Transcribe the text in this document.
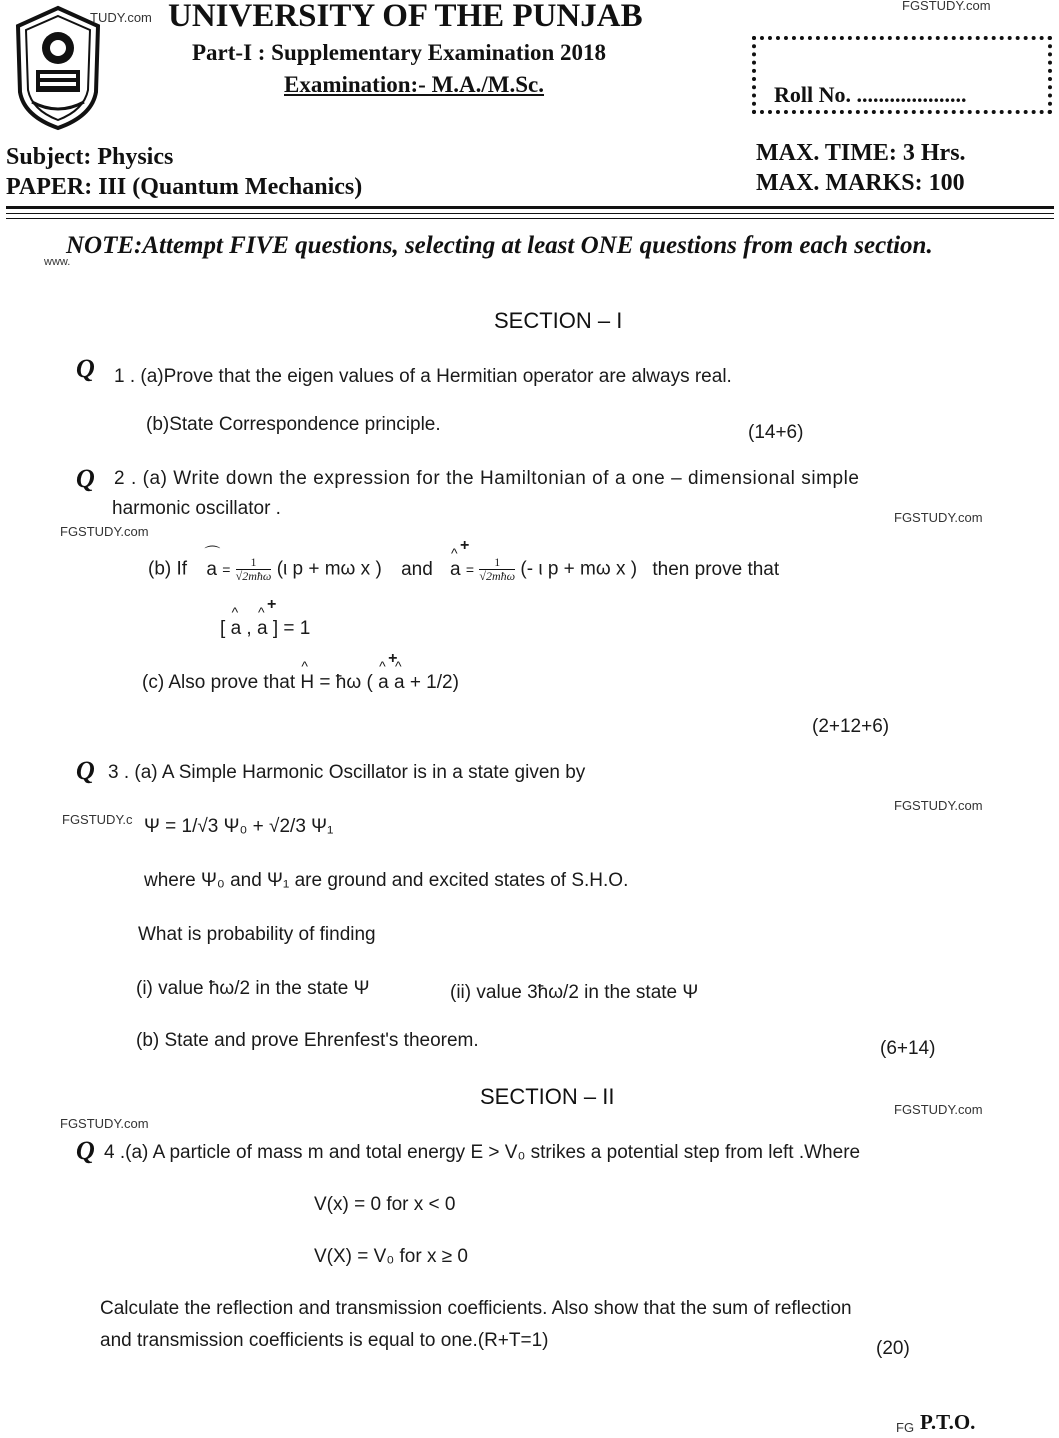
TUDY.com
FGSTUDY.com
UNIVERSITY OF THE PUNJAB
Part-I : Supplementary Examination 2018
Examination:- M.A./M.Sc.	Roll No. ....................
Subject: Physics
PAPER: III (Quantum Mechanics)
MAX. TIME: 3 Hrs.
MAX. MARKS: 100
www.
NOTE:Attempt FIVE questions, selecting at least ONE questions from each section.
SECTION – I
Q 1 . (a)Prove that the eigen values of a Hermitian operator are always real.
(b)State Correspondence principle.	(14+6)
Q 2 . (a) Write down the expression for the Hamiltonian of a one – dimensional simple
harmonic oscillator .
FGSTUDY.com
FGSTUDY.com
(b) If ⌒ $a = \frac{1}{\text{√2mħω}} (\iota$ p + mω x ) and ^ a + = $\frac{1}{\text{√2mħω}}$ (- ι p + mω x ) then prove that
[ ^ a , ^ a + ] = 1
(c) Also prove that ^ H = ħω ( ^ a + ^ a + 1/2)
(2+12+6)
Q 3 . (a) A Simple Harmonic Oscillator is in a state given by
FGSTUDY.com
FGSTUDY.c Ψ = 1/√3 Ψ₀ + √2/3 Ψ₁
where Ψ₀ and Ψ₁ are ground and excited states of S.H.O.
What is probability of finding
(i) value ħω/2 in the state Ψ	(ii) value 3ħω/2 in the state Ψ
(b) State and prove Ehrenfest's theorem.	(6+14)
SECTION – II
FGSTUDY.com
FGSTUDY.com
Q 4 .(a) A particle of mass m and total energy E > V₀ strikes a potential step from left .Where
V(x) = 0 for x < 0
V(X) = V₀ for x ≥ 0
Calculate the reflection and transmission coefficients. Also show that the sum of reflection
and transmission coefficients is equal to one.(R+T=1)	(20)
FG P.T.O.
